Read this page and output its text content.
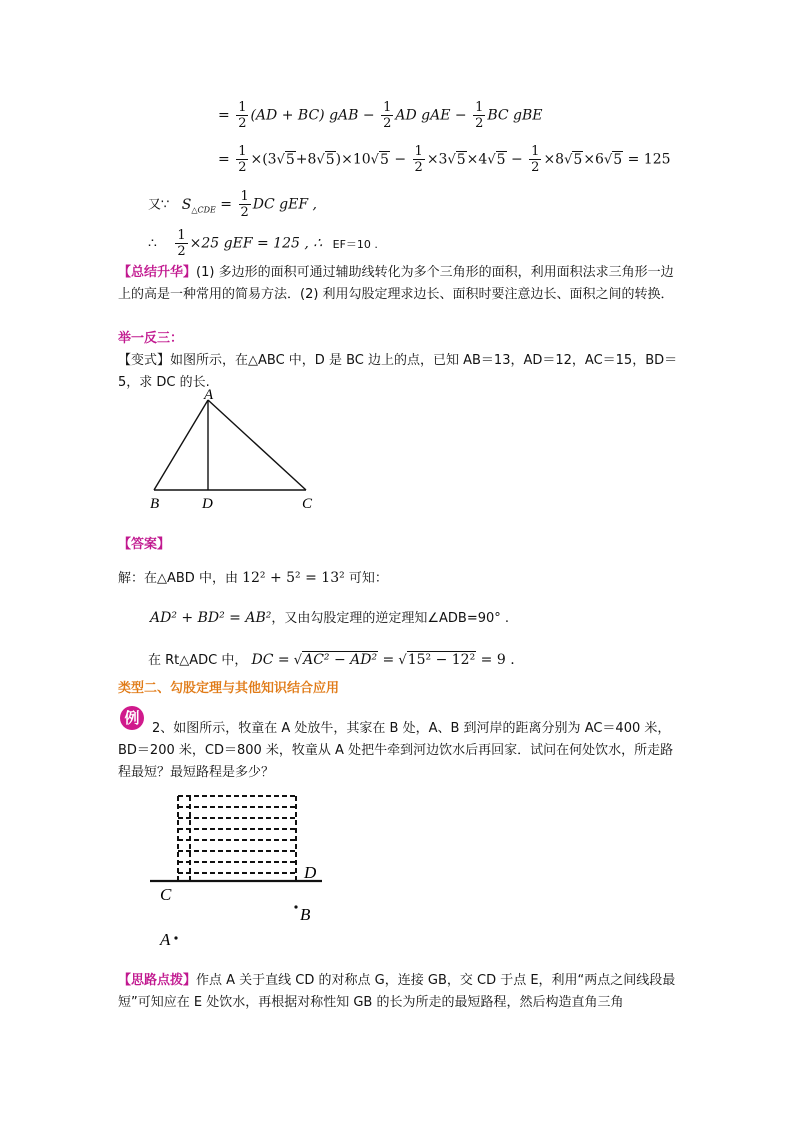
= $\frac{1}{2} (AD + BC)$ gAB − $\frac{1}{2}$ AD gAE − $\frac{1}{2}$ BC gBE
= $\frac{1}{2} \times(3√5+8√5)\times 10√5 - \frac{1}{2} \times 3√5\times 4√5 - \frac{1}{2} \times 8√5\times 6√5 = 125$
又∵ $S_{\triangle CDE} = \frac{1}{2}$ DC gEF ,
∴ $\frac{1}{2} \times 25$ gEF = 125 , ∴ EF＝10 .
【总结升华】(1) 多边形的面积可通过辅助线转化为多个三角形的面积，利用面积法求三角形一边上的高是一种常用的简易方法．(2) 利用勾股定理求边长、面积时要注意边长、面积之间的转换．
举一反三：
【变式】如图所示，在△ABC 中，D 是 BC 边上的点，已知 AB＝13，AD＝12，AC＝15，BD＝5，求 DC 的长.
A
B	D	C
【答案】
解：在△ABD 中，由 12² + 5² = 13² 可知：
AD² + BD² = AB²，又由勾股定理的逆定理知∠ADB=90° .
在 Rt△ADC 中， DC = √AC² − AD² = √15² − 12² = 9 .
类型二、勾股定理与其他知识结合应用
例
2、如图所示，牧童在 A 处放牛，其家在 B 处，A、B 到河岸的距离分别为 AC＝400 米，BD＝200 米，CD＝800 米，牧童从 A 处把牛牵到河边饮水后再回家．试问在何处饮水，所走路程最短？最短路程是多少？
C
D
B
A
【思路点拨】作点 A 关于直线 CD 的对称点 G，连接 GB，交 CD 于点 E，利用“两点之间线段最短”可知应在 E 处饮水，再根据对称性知 GB 的长为所走的最短路程，然后构造直角三角
